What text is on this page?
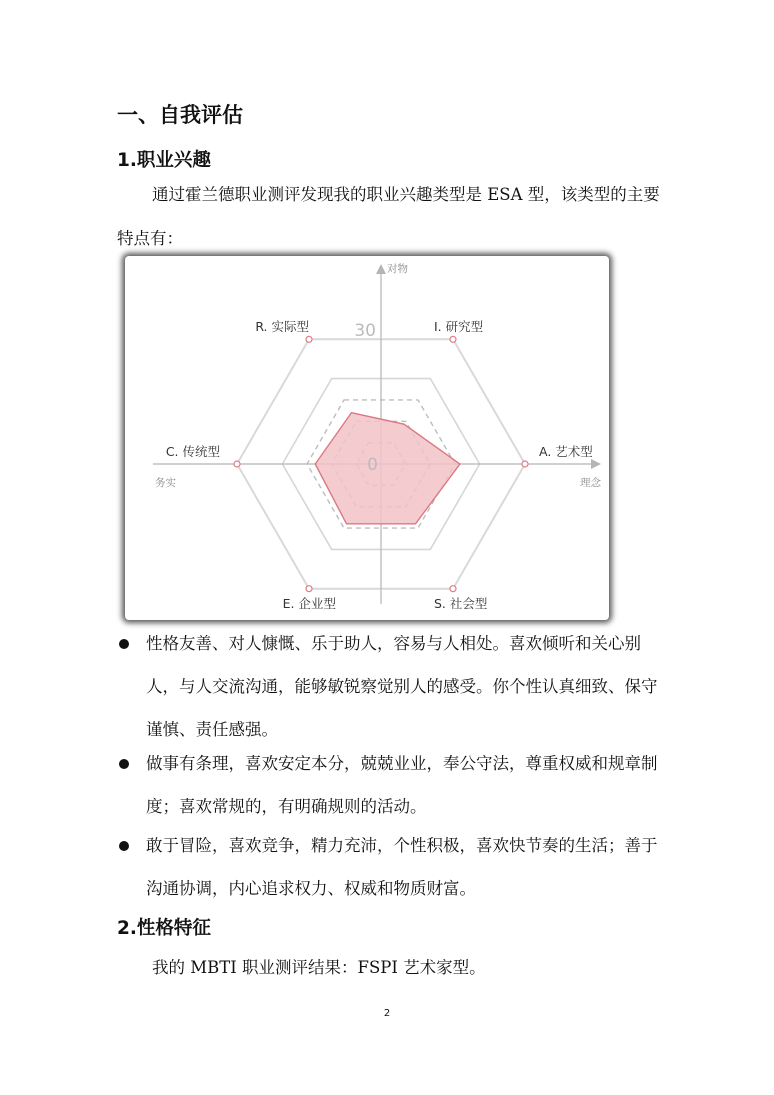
一、自我评估
1.职业兴趣

通过霍兰德职业测评发现我的职业兴趣类型是 ESA 型，该类型的主要特点有：

30
0
R. 实际型	I. 研究型
A. 艺术型
S. 社会型
E. 企业型
C. 传统型
对物
务实	理念
性格友善、对人慷慨、乐于助人，容易与人相处。喜欢倾听和关心别人，与人交流沟通，能够敏锐察觉别人的感受。你个性认真细致、保守谨慎、责任感强。
做事有条理，喜欢安定本分，兢兢业业，奉公守法，尊重权威和规章制度；喜欢常规的，有明确规则的活动。
敢于冒险，喜欢竞争，精力充沛，个性积极，喜欢快节奏的生活；善于沟通协调，内心追求权力、权威和物质财富。
2.性格特征

我的 MBTI 职业测评结果：FSPI 艺术家型。

2
